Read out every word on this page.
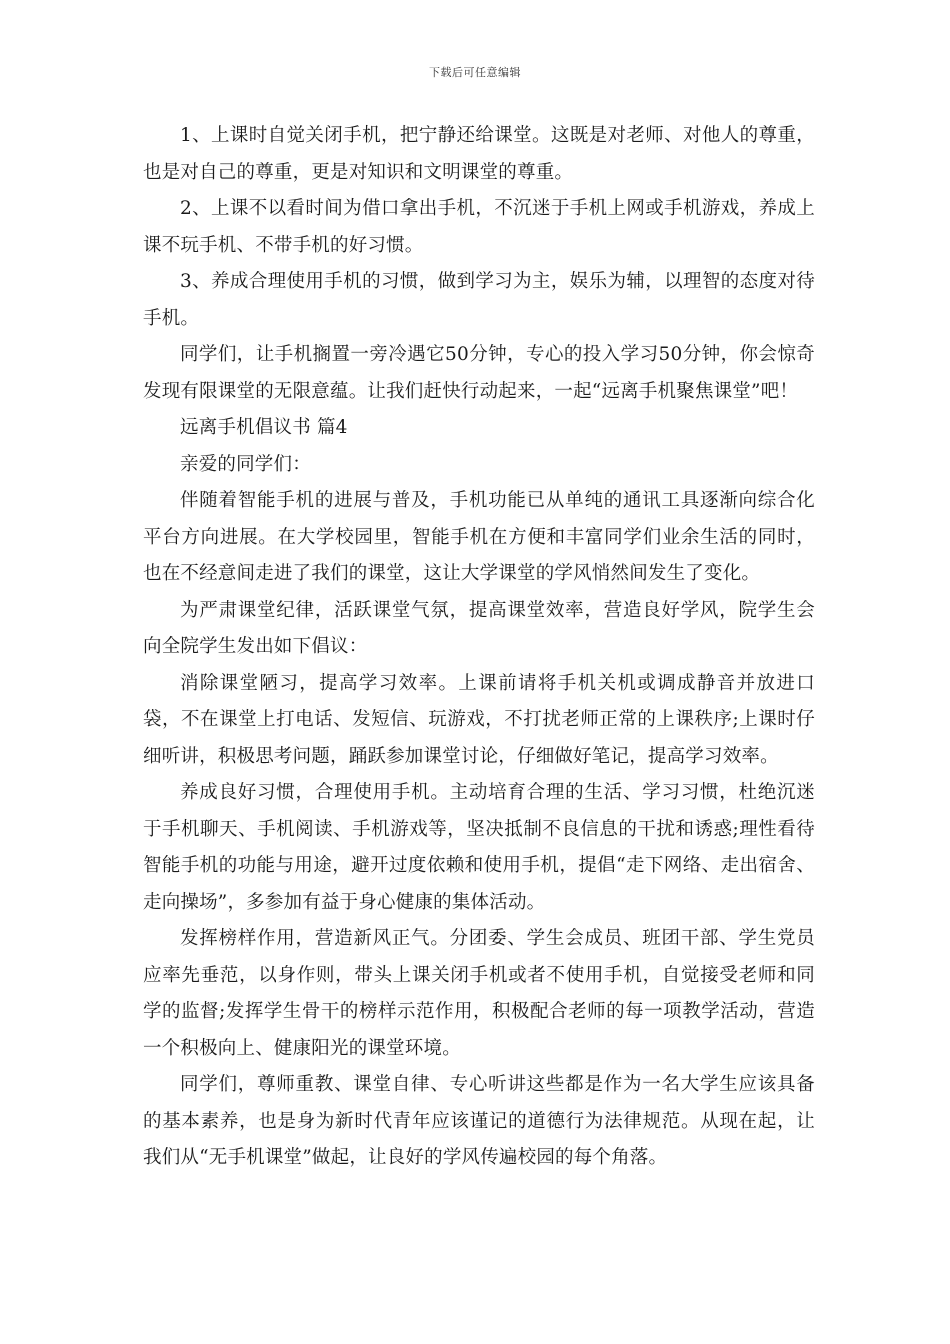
下载后可任意编辑

1、上课时自觉关闭手机，把宁静还给课堂。这既是对老师、对他人的尊重，也是对自己的尊重，更是对知识和文明课堂的尊重。

2、上课不以看时间为借口拿出手机，不沉迷于手机上网或手机游戏，养成上课不玩手机、不带手机的好习惯。

3、养成合理使用手机的习惯，做到学习为主，娱乐为辅，以理智的态度对待手机。

同学们，让手机搁置一旁冷遇它50分钟，专心的投入学习50分钟，你会惊奇发现有限课堂的无限意蕴。让我们赶快行动起来，一起“远离手机聚焦课堂”吧！

远离手机倡议书 篇4

亲爱的同学们：

伴随着智能手机的进展与普及，手机功能已从单纯的通讯工具逐渐向综合化平台方向进展。在大学校园里，智能手机在方便和丰富同学们业余生活的同时，也在不经意间走进了我们的课堂，这让大学课堂的学风悄然间发生了变化。

为严肃课堂纪律，活跃课堂气氛，提高课堂效率，营造良好学风，院学生会向全院学生发出如下倡议：

消除课堂陋习，提高学习效率。上课前请将手机关机或调成静音并放进口袋，不在课堂上打电话、发短信、玩游戏，不打扰老师正常的上课秩序;上课时仔细听讲，积极思考问题，踊跃参加课堂讨论，仔细做好笔记，提高学习效率。

养成良好习惯，合理使用手机。主动培育合理的生活、学习习惯，杜绝沉迷于手机聊天、手机阅读、手机游戏等，坚决抵制不良信息的干扰和诱惑;理性看待智能手机的功能与用途，避开过度依赖和使用手机，提倡“走下网络、走出宿舍、走向操场”，多参加有益于身心健康的集体活动。

发挥榜样作用，营造新风正气。分团委、学生会成员、班团干部、学生党员应率先垂范，以身作则，带头上课关闭手机或者不使用手机，自觉接受老师和同学的监督;发挥学生骨干的榜样示范作用，积极配合老师的每一项教学活动，营造一个积极向上、健康阳光的课堂环境。

同学们，尊师重教、课堂自律、专心听讲这些都是作为一名大学生应该具备的基本素养，也是身为新时代青年应该谨记的道德行为法律规范。从现在起，让我们从“无手机课堂”做起，让良好的学风传遍校园的每个角落。
